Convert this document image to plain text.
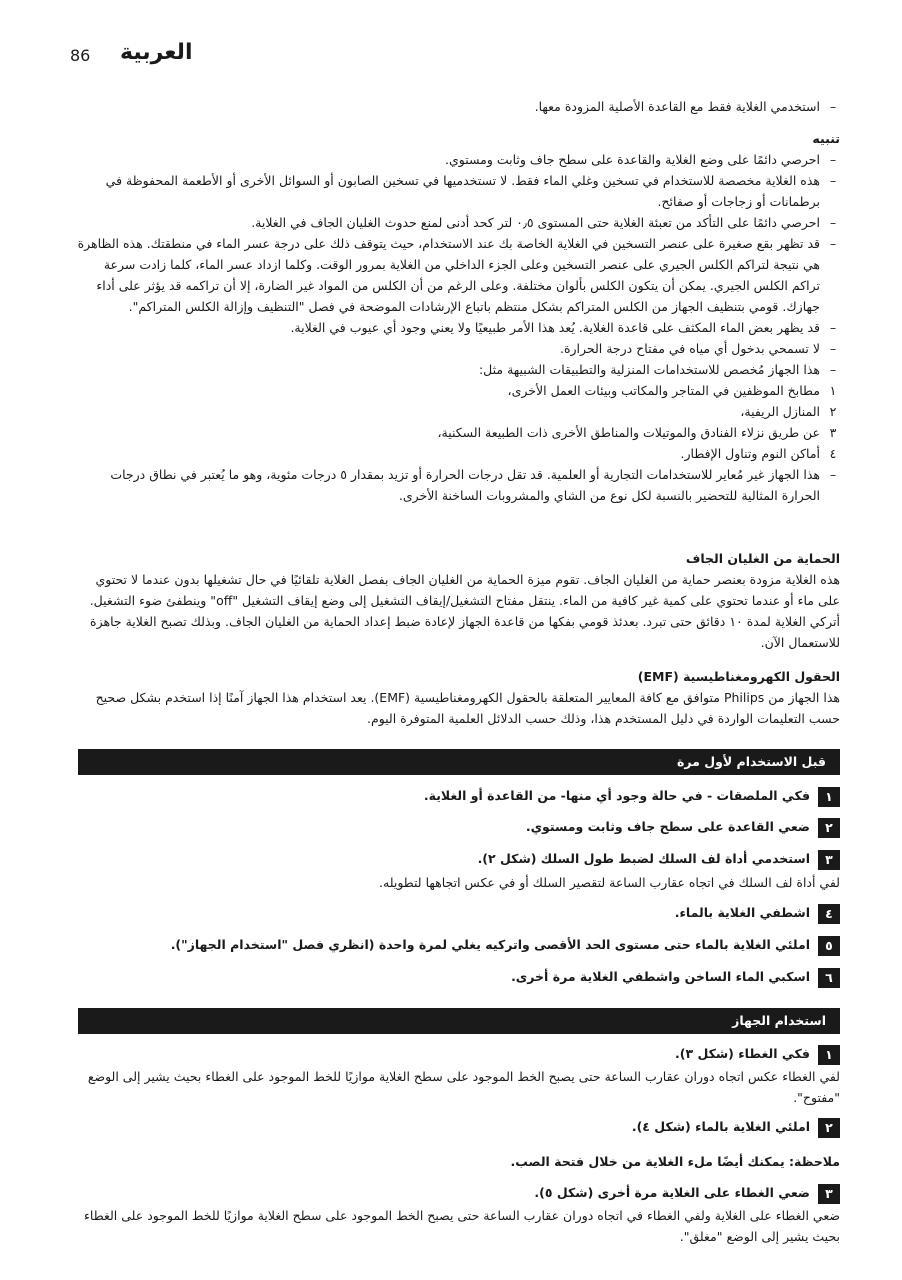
86 العربية
–
استخدمي الغلاية فقط مع القاعدة الأصلية المزودة معها.
تنبيه
–
احرصي دائمًا على وضع الغلاية والقاعدة على سطح جاف وثابت ومستوي.
–
هذه الغلاية مخصصة للاستخدام في تسخين وغلي الماء فقط. لا تستخدميها في تسخين الصابون أو السوائل الأخرى أو الأطعمة المحفوظة في برطمانات أو زجاجات أو صفائح.
–
احرصي دائمًا على التأكد من تعبئة الغلاية حتى المستوى ٠٫٥ لتر كحد أدنى لمنع حدوث الغليان الجاف في الغلاية.
–
قد تظهر بقع صغيرة على عنصر التسخين في الغلاية الخاصة بك عند الاستخدام، حيث يتوقف ذلك على درجة عسر الماء في منطقتك. هذه الظاهرة هي نتيجة لتراكم الكلس الجيري على عنصر التسخين وعلى الجزء الداخلي من الغلاية بمرور الوقت. وكلما ازداد عسر الماء، كلما زادت سرعة تراكم الكلس الجيري. يمكن أن يتكون الكلس بألوان مختلفة. وعلى الرغم من أن الكلس من المواد غير الضارة، إلا أن تراكمه قد يؤثر على أداء جهازك. قومي بتنظيف الجهاز من الكلس المتراكم بشكل منتظم باتباع الإرشادات الموضحة في فصل "التنظيف وإزالة الكلس المتراكم".
–
قد يظهر بعض الماء المكثف على قاعدة الغلاية. يُعد هذا الأمر طبيعيًا ولا يعني وجود أي عيوب في الغلاية.
–
لا تسمحي بدخول أي مياه في مفتاح درجة الحرارة.
–
هذا الجهاز مُخصص للاستخدامات المنزلية والتطبيقات الشبيهة مثل:
١
مطابخ الموظفين في المتاجر والمكاتب وبيئات العمل الأخرى،
٢
المنازل الريفية،
٣
عن طريق نزلاء الفنادق والموتيلات والمناطق الأخرى ذات الطبيعة السكنية،
٤
أماكن النوم وتناول الإفطار.
–
هذا الجهاز غير مُعاير للاستخدامات التجارية أو العلمية. قد تقل درجات الحرارة أو تزيد بمقدار ٥ درجات مئوية، وهو ما يُعتبر في نطاق درجات الحرارة المثالية للتحضير بالنسبة لكل نوع من الشاي والمشروبات الساخنة الأخرى.
الحماية من الغليان الجاف
هذه الغلاية مزودة بعنصر حماية من الغليان الجاف. تقوم ميزة الحماية من الغليان الجاف بفصل الغلاية تلقائيًا في حال تشغيلها بدون عندما لا تحتوي على ماء أو عندما تحتوي على كمية غير كافية من الماء. ينتقل مفتاح التشغيل/إيقاف التشغيل إلى وضع إيقاف التشغيل "off" وينطفئ ضوء التشغيل. أتركي الغلاية لمدة ١٠ دقائق حتى تبرد. بعدئذ قومي بفكها من قاعدة الجهاز لإعادة ضبط إعداد الحماية من الغليان الجاف. وبذلك تصبح الغلاية جاهزة للاستعمال الآن.
الحقول الكهرومغناطيسية (EMF)
هذا الجهاز من Philips متوافق مع كافة المعايير المتعلقة بالحقول الكهرومغناطيسية (EMF). يعد استخدام هذا الجهاز آمنًا إذا استخدم بشكل صحيح حسب التعليمات الواردة في دليل المستخدم هذا، وذلك حسب الدلائل العلمية المتوفرة اليوم.
قبل الاستخدام لأول مرة
١فكي الملصقات - في حالة وجود أي منها- من القاعدة أو الغلاية.
٢ضعي القاعدة على سطح جاف وثابت ومستوي.
٣استخدمي أداة لف السلك لضبط طول السلك (شكل ٢).
لفي أداة لف السلك في اتجاه عقارب الساعة لتقصير السلك أو في عكس اتجاهها لتطويله.
٤اشطفي الغلاية بالماء.
٥املئي الغلاية بالماء حتى مستوى الحد الأقصى واتركيه يغلي لمرة واحدة (انظري فصل "استخدام الجهاز").
٦اسكبي الماء الساخن واشطفي الغلاية مرة أخرى.
استخدام الجهاز
١فكي الغطاء (شكل ٣).
لفي الغطاء عكس اتجاه دوران عقارب الساعة حتى يصبح الخط الموجود على سطح الغلاية موازيًا للخط الموجود على الغطاء بحيث يشير إلى الوضع "مفتوح".
٢املئي الغلاية بالماء (شكل ٤).
ملاحظة: يمكنك أيضًا ملء الغلاية من خلال فتحة الصب.
٣ضعي الغطاء على الغلاية مرة أخرى (شكل ٥).
ضعي الغطاء على الغلاية ولفي الغطاء في اتجاه دوران عقارب الساعة حتى يصبح الخط الموجود على سطح الغلاية موازيًا للخط الموجود على الغطاء بحيث يشير إلى الوضع "مغلق".
